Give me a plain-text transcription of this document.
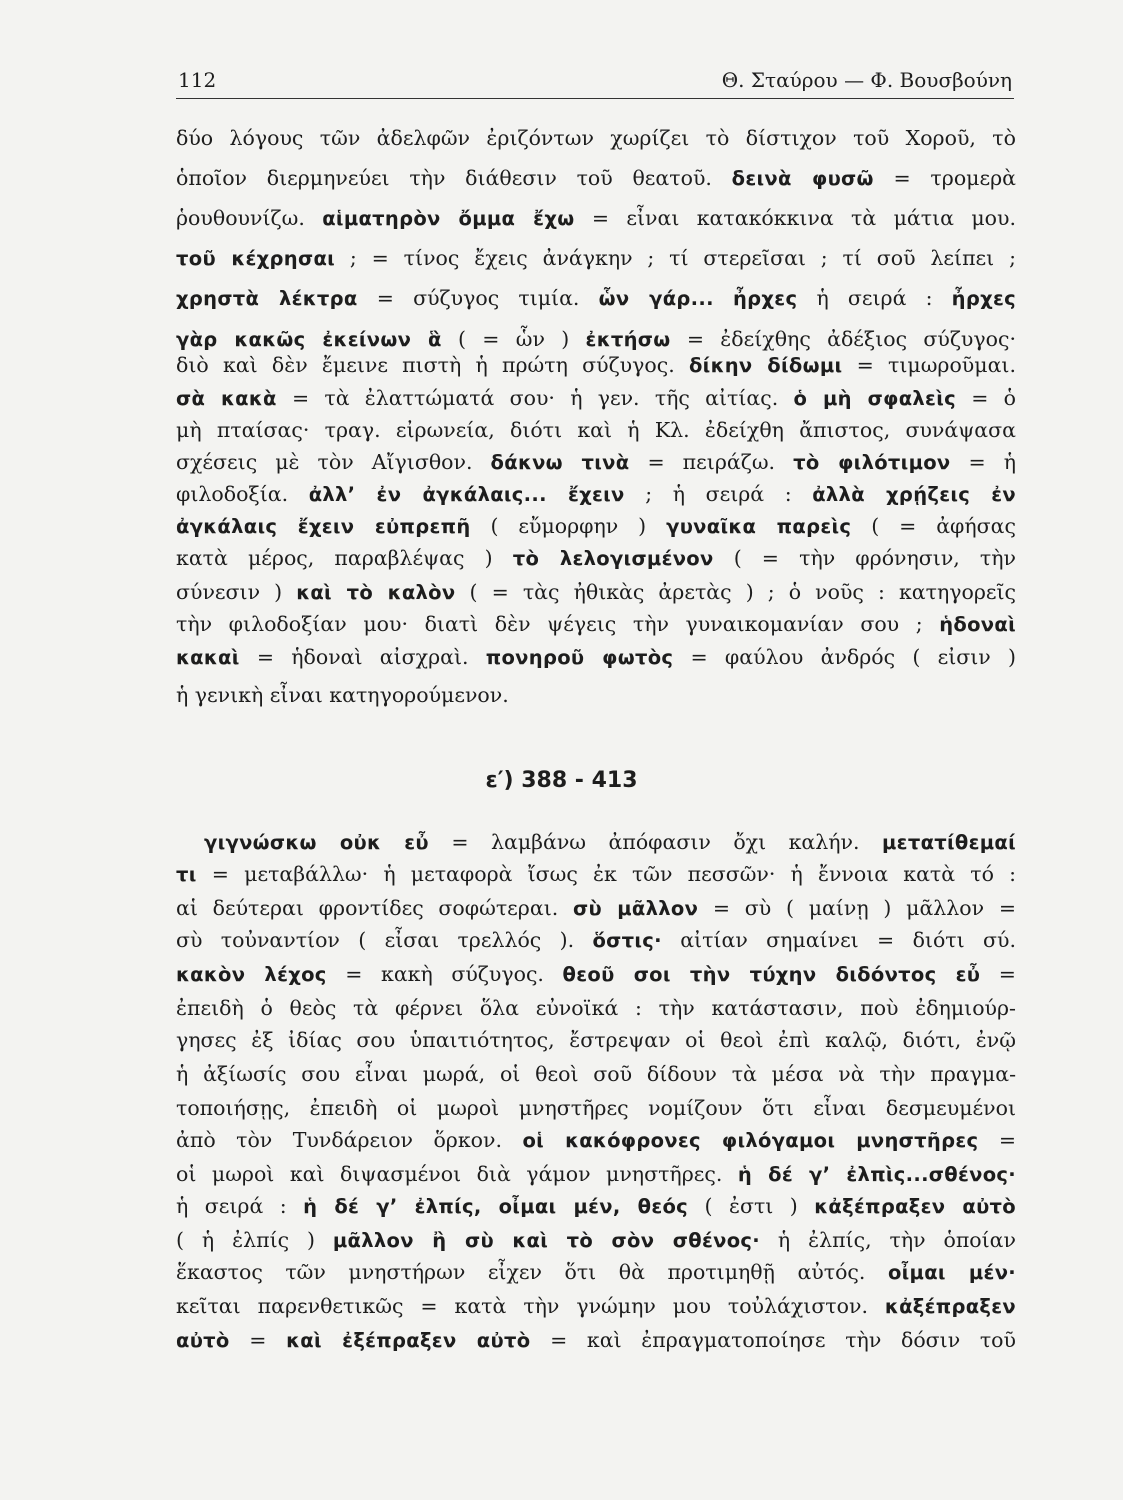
112	Θ. Σταύρου — Φ. Βουσβούνη
δύο λόγους τῶν ἀδελφῶν ἐριζόντων χωρίζει τὸ δίστιχον τοῦ Χοροῦ, τὸ
ὁποῖον διερμηνεύει τὴν διάθεσιν τοῦ θεατοῦ. δεινὰ φυσῶ = τρομερὰ
ῥουθουνίζω. αἱματηρὸν ὄμμα ἔχω = εἶναι κατακόκκινα τὰ μάτια μου.
τοῦ κέχρησαι ; = τίνος ἔχεις ἀνάγκην ; τί στερεῖσαι ; τί σοῦ λείπει ;
χρηστὰ λέκτρα = σύζυγος τιμία. ὧν γάρ... ἦρχες ἡ σειρά : ἦρχες
γὰρ κακῶς ἐκείνων ἃ ( = ὧν ) ἐκτήσω = ἐδείχθης ἀδέξιος σύζυγος·
διὸ καὶ δὲν ἔμεινε πιστὴ ἡ πρώτη σύζυγος. δίκην δίδωμι = τιμωροῦμαι.
σὰ κακὰ = τὰ ἐλαττώματά σου· ἡ γεν. τῆς αἰτίας. ὁ μὴ σφαλεὶς = ὁ
μὴ πταίσας· τραγ. εἰρωνεία, διότι καὶ ἡ Κλ. ἐδείχθη ἄπιστος, συνάψασα
σχέσεις μὲ τὸν Αἴγισθον. δάκνω τινὰ = πειράζω. τὸ φιλότιμον = ἡ
φιλοδοξία. ἀλλ’ ἐν ἀγκάλαις... ἔχειν ; ἡ σειρά : ἀλλὰ χρῄζεις ἐν
ἀγκάλαις ἔχειν εὐπρεπῆ ( εὔμορφην ) γυναῖκα παρεὶς ( = ἀφήσας
κατὰ μέρος, παραβλέψας ) τὸ λελογισμένον ( = τὴν φρόνησιν, τὴν
σύνεσιν ) καὶ τὸ καλὸν ( = τὰς ἠθικὰς ἀρετὰς ) ; ὁ νοῦς : κατηγορεῖς
τὴν φιλοδοξίαν μου· διατὶ δὲν ψέγεις τὴν γυναικομανίαν σου ; ἡδοναὶ
κακαὶ = ἡδοναὶ αἰσχραὶ. πονηροῦ φωτὸς = φαύλου ἀνδρός ( εἰσιν )
ἡ γενικὴ εἶναι κατηγορούμενον.
γιγνώσκω οὐκ εὖ = λαμβάνω ἀπόφασιν ὄχι καλήν. μετατίθεμαί
τι = μεταβάλλω· ἡ μεταφορὰ ἴσως ἐκ τῶν πεσσῶν· ἡ ἔννοια κατὰ τό :
αἱ δεύτεραι φροντίδες σοφώτεραι. σὺ μᾶλλον = σὺ ( μαίνῃ ) μᾶλλον =
σὺ τοὐναντίον ( εἶσαι τρελλός ). ὅστις· αἰτίαν σημαίνει = διότι σύ.
κακὸν λέχος = κακὴ σύζυγος. θεοῦ σοι τὴν τύχην διδόντος εὖ =
ἐπειδὴ ὁ θεὸς τὰ φέρνει ὅλα εὐνοϊκά : τὴν κατάστασιν, ποὺ ἐδημιούρ-
γησες ἐξ ἰδίας σου ὑπαιτιότητος, ἔστρεψαν οἱ θεοὶ ἐπὶ καλῷ, διότι, ἐνῷ
ἡ ἀξίωσίς σου εἶναι μωρά, οἱ θεοὶ σοῦ δίδουν τὰ μέσα νὰ τὴν πραγμα-
τοποιήσῃς, ἐπειδὴ οἱ μωροὶ μνηστῆρες νομίζουν ὅτι εἶναι δεσμευμένοι
ἀπὸ τὸν Τυνδάρειον ὅρκον. οἱ κακόφρονες φιλόγαμοι μνηστῆρες =
οἱ μωροὶ καὶ διψασμένοι διὰ γάμον μνηστῆρες. ἡ δέ γ’ ἐλπὶς...σθένος·
ἡ σειρά : ἡ δέ γ’ ἐλπίς, οἶμαι μέν, θεός ( ἐστι ) κἀξέπραξεν αὐτὸ
( ἡ ἐλπίς ) μᾶλλον ἢ σὺ καὶ τὸ σὸν σθένος· ἡ ἐλπίς, τὴν ὁποίαν
ἕκαστος τῶν μνηστήρων εἶχεν ὅτι θὰ προτιμηθῇ αὐτός. οἶμαι μέν·
κεῖται παρενθετικῶς = κατὰ τὴν γνώμην μου τοὐλάχιστον. κἀξέπραξεν
αὐτὸ = καὶ ἐξέπραξεν αὐτὸ = καὶ ἐπραγματοποίησε τὴν δόσιν τοῦ
ε′) 388 - 413
